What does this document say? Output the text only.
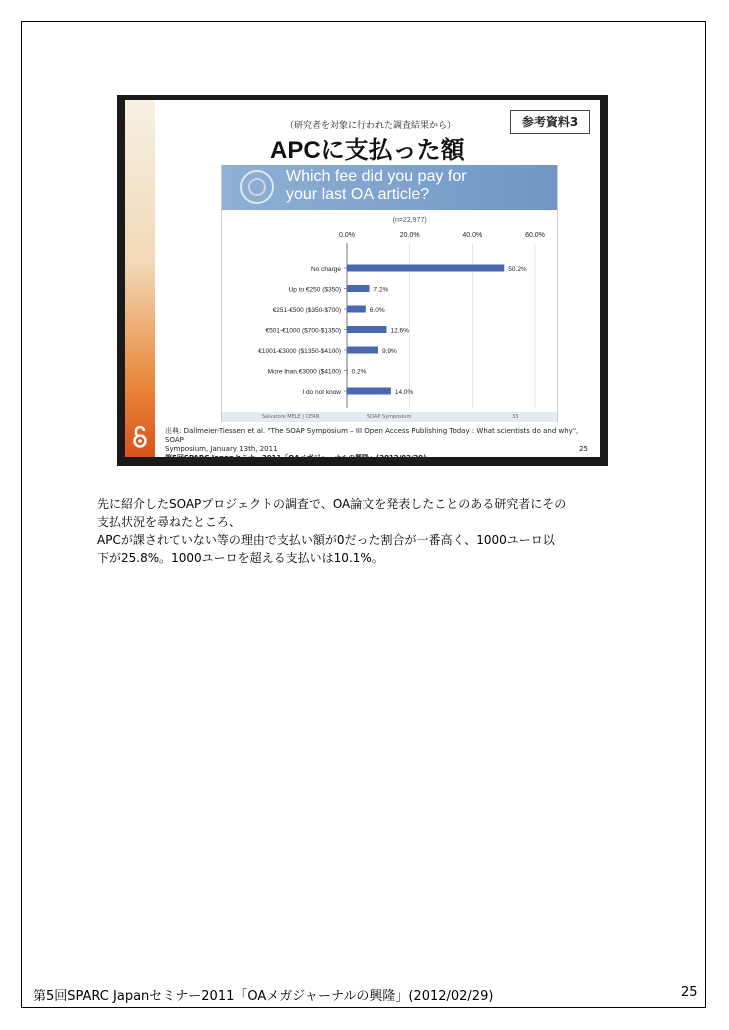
（研究者を対象に行われた調査結果から）	参考資料3
APCに支払った額
Which fee did you pay for
your last OA article?
(n=22,977)
0.0%	20.0%	40.0%	60.0%
No charge	50.2%
Up to €250 ($350)	7.2%
€251-€500 ($350-$700)	6.0%
€501-€1000 ($700-$1350)	12.6%
€1001-€3000 ($1350-$4100)	9.9%
More than €3000 ($4100) 0.2%
I do not know	14.0%
Salvatore MELE | CERN	SOAP Symposium	33
出典: Dallmeier-Tiessen et al. "The SOAP Symposium – III Open Access Publishing Today : What scientists do and why", SOAP
Symposium, January 13th, 2011
第5回SPARC Japanセミナー2011「OAメガジャーナルの興隆」(2012/02/29)
25
先に紹介したSOAPプロジェクトの調査で、OA論文を発表したことのある研究者にその
支払状況を尋ねたところ、
APCが課されていない等の理由で支払い額が0だった割合が一番高く、1000ユーロ以
下が25.8%。1000ユーロを超える支払いは10.1%。
第5回SPARC Japanセミナー2011「OAメガジャーナルの興隆」(2012/02/29)	25
